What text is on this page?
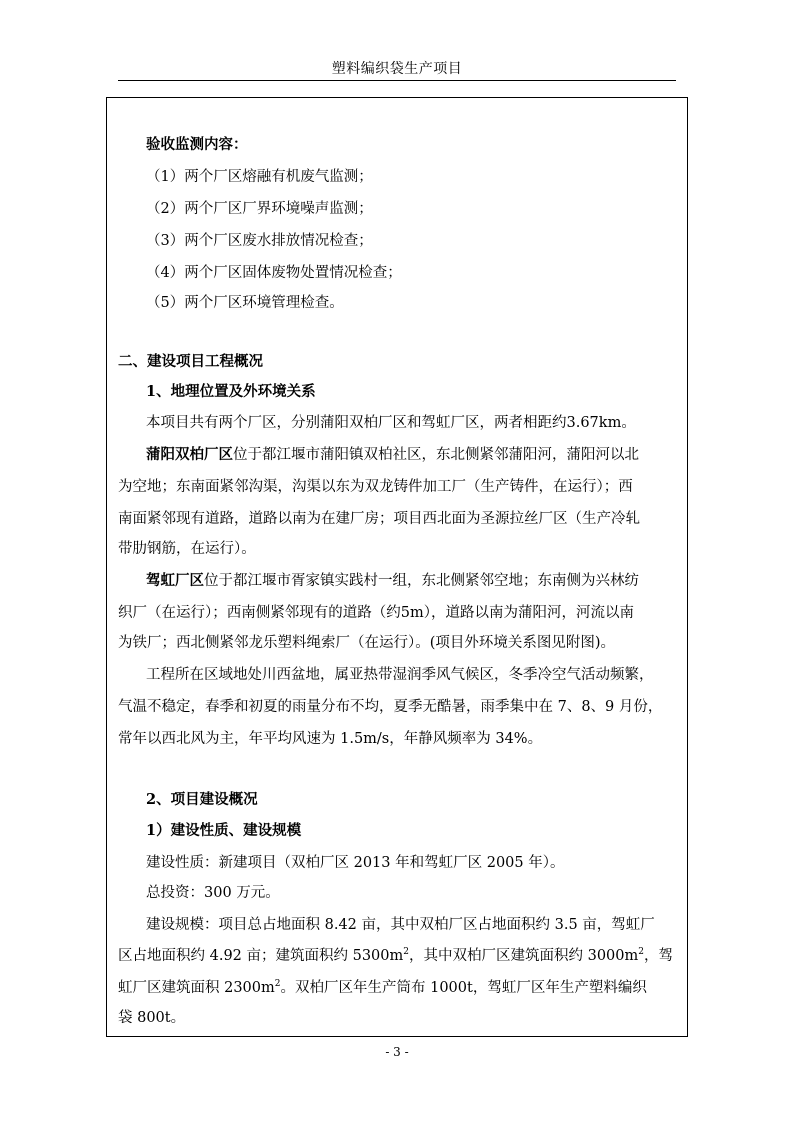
塑料编织袋生产项目
验收监测内容：
（1）两个厂区熔融有机废气监测；
（2）两个厂区厂界环境噪声监测；
（3）两个厂区废水排放情况检查；
（4）两个厂区固体废物处置情况检查；
（5）两个厂区环境管理检查。
二、建设项目工程概况
1、地理位置及外环境关系
本项目共有两个厂区，分别蒲阳双柏厂区和驾虹厂区，两者相距约3.67km。
蒲阳双柏厂区位于都江堰市蒲阳镇双柏社区，东北侧紧邻蒲阳河，蒲阳河以北
为空地；东南面紧邻沟渠，沟渠以东为双龙铸件加工厂（生产铸件，在运行）；西
南面紧邻现有道路，道路以南为在建厂房；项目西北面为圣源拉丝厂区（生产冷轧
带肋钢筋，在运行）。
驾虹厂区位于都江堰市胥家镇实践村一组，东北侧紧邻空地；东南侧为兴林纺
织厂（在运行）；西南侧紧邻现有的道路（约5m），道路以南为蒲阳河，河流以南
为铁厂；西北侧紧邻龙乐塑料绳索厂（在运行）。(项目外环境关系图见附图)。
工程所在区域地处川西盆地，属亚热带湿润季风气候区，冬季冷空气活动频繁，
气温不稳定，春季和初夏的雨量分布不均，夏季无酷暑，雨季集中在 7、8、9 月份，
常年以西北风为主，年平均风速为 1.5m/s，年静风频率为 34%。
2、项目建设概况
1）建设性质、建设规模
建设性质：新建项目（双柏厂区 2013 年和驾虹厂区 2005 年）。
总投资：300 万元。
建设规模：项目总占地面积 8.42 亩，其中双柏厂区占地面积约 3.5 亩，驾虹厂
区占地面积约 4.92 亩；建筑面积约 $5300m^2$，其中双柏厂区建筑面积约 $3000m^2$，驾
虹厂区建筑面积 $2300m^2$。双柏厂区年生产筒布 1000t，驾虹厂区年生产塑料编织
袋 800t。
- 3 -
